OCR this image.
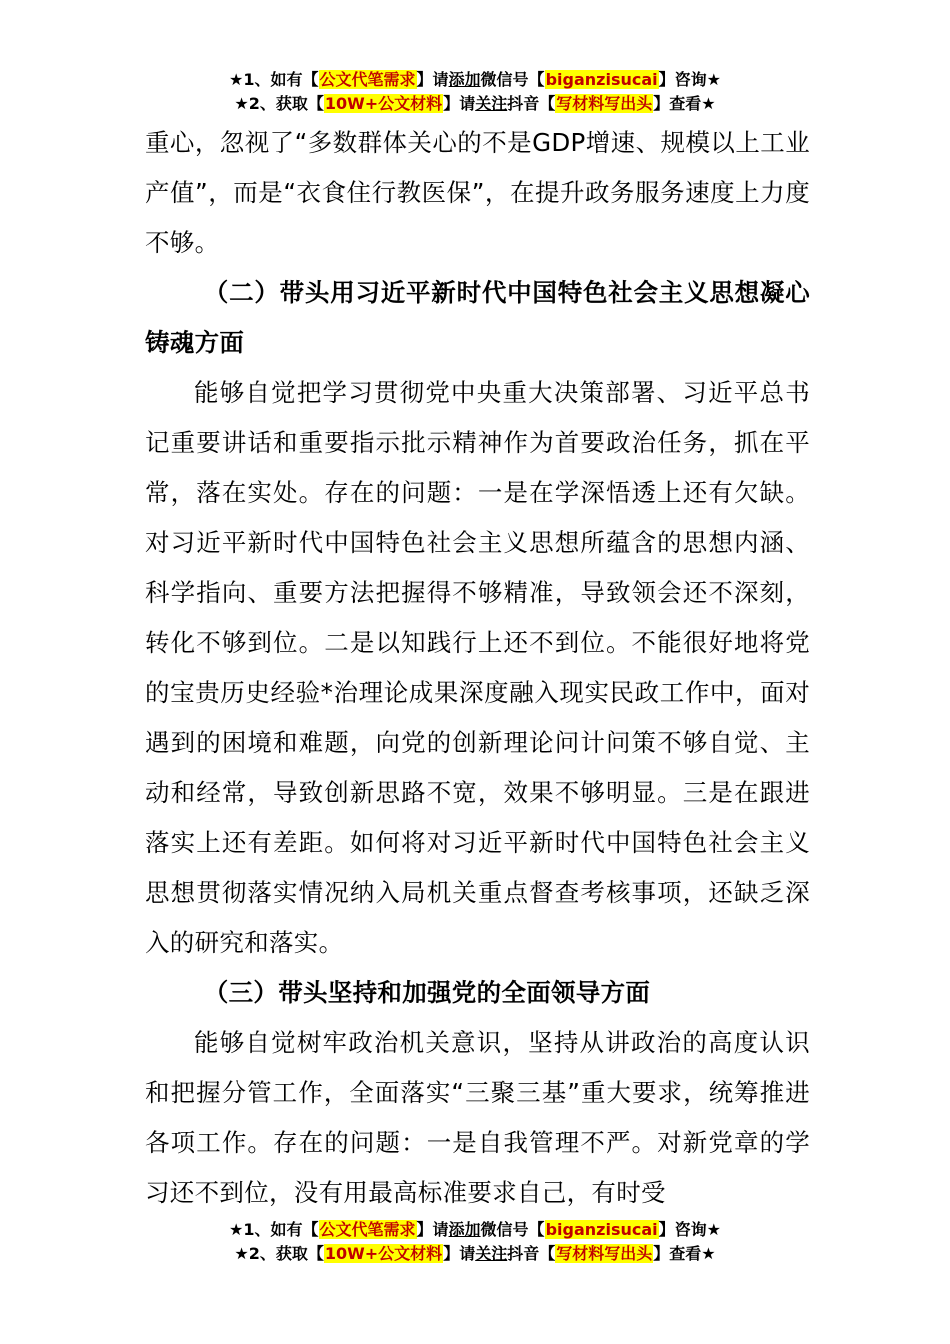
★1、如有【公文代笔需求】请添加微信号【biganzisucai】咨询★
★2、获取【10W+公文材料】请关注抖音【写材料写出头】查看★

重心，忽视了“多数群体关心的不是GDP增速、规模以上工业产值”，而是“衣食住行教医保”，在提升政务服务速度上力度不够。

（二）带头用习近平新时代中国特色社会主义思想凝心铸魂方面

能够自觉把学习贯彻党中央重大决策部署、习近平总书记重要讲话和重要指示批示精神作为首要政治任务，抓在平常，落在实处。存在的问题：一是在学深悟透上还有欠缺。对习近平新时代中国特色社会主义思想所蕴含的思想内涵、科学指向、重要方法把握得不够精准，导致领会还不深刻，转化不够到位。二是以知践行上还不到位。不能很好地将党的宝贵历史经验*治理论成果深度融入现实民政工作中，面对遇到的困境和难题，向党的创新理论问计问策不够自觉、主动和经常，导致创新思路不宽，效果不够明显。三是在跟进落实上还有差距。如何将对习近平新时代中国特色社会主义思想贯彻落实情况纳入局机关重点督查考核事项，还缺乏深入的研究和落实。

（三）带头坚持和加强党的全面领导方面

能够自觉树牢政治机关意识，坚持从讲政治的高度认识和把握分管工作，全面落实“三聚三基”重大要求，统筹推进各项工作。存在的问题：一是自我管理不严。对新党章的学习还不到位，没有用最高标准要求自己，有时受

★1、如有【公文代笔需求】请添加微信号【biganzisucai】咨询★
★2、获取【10W+公文材料】请关注抖音【写材料写出头】查看★
